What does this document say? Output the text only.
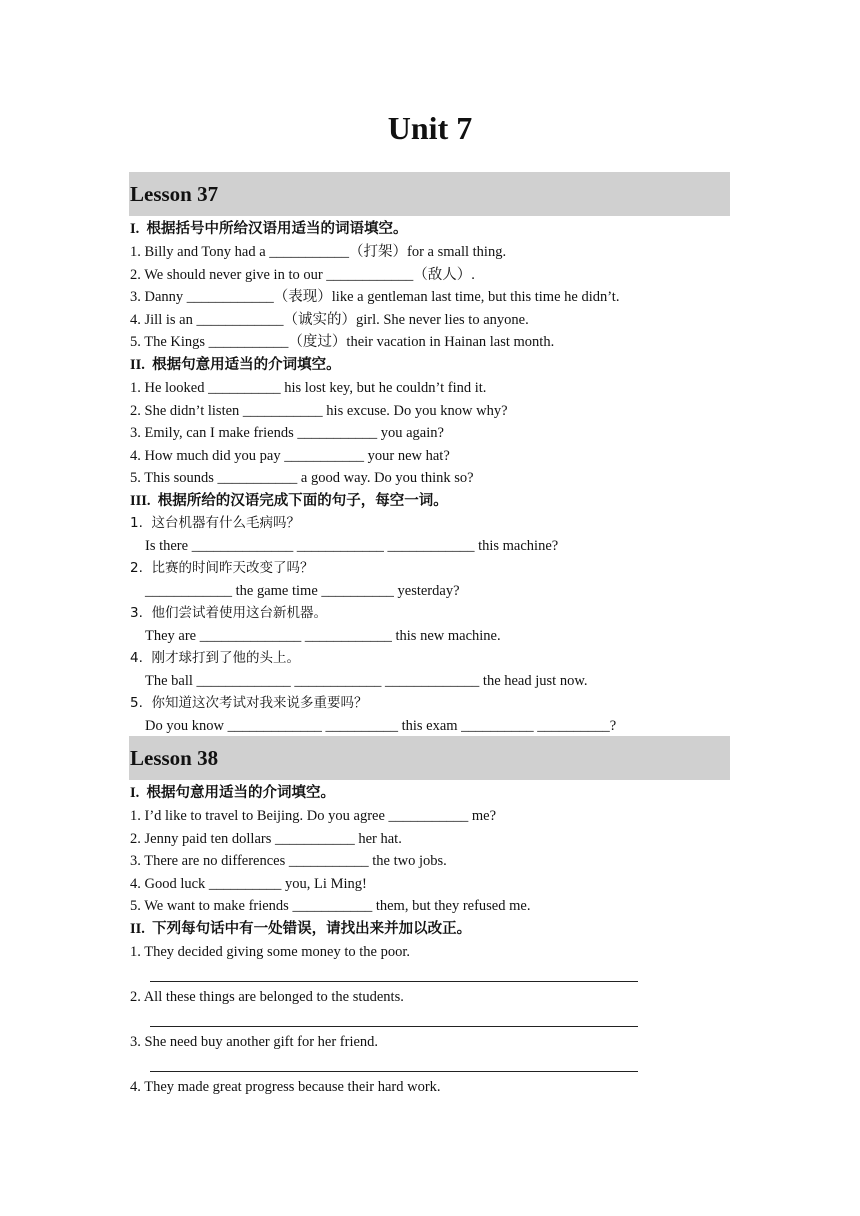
Unit 7
Lesson 37
I.  根据括号中所给汉语用适当的词语填空。
1. Billy and Tony had a ___________（打架）for a small thing.
2. We should never give in to our ____________（敌人）.
3. Danny ____________（表现）like a gentleman last time, but this time he didn’t.
4. Jill is an ____________（诚实的）girl. She never lies to anyone.
5. The Kings ___________（度过）their vacation in Hainan last month.
II.  根据句意用适当的介词填空。
1. He looked __________ his lost key, but he couldn’t find it.
2. She didn’t listen ___________ his excuse. Do you know why?
3. Emily, can I make friends ___________ you again?
4. How much did you pay ___________ your new hat?
5. This sounds ___________ a good way. Do you think so?
III.  根据所给的汉语完成下面的句子，每空一词。
1.  这台机器有什么毛病吗？
Is there ______________ ____________ ____________ this machine?
2.  比赛的时间昨天改变了吗？
____________ the game time __________ yesterday?
3.  他们尝试着使用这台新机器。
They are ______________ ____________ this new machine.
4.  刚才球打到了他的头上。
The ball _____________ ____________ _____________ the head just now.
5.  你知道这次考试对我来说多重要吗？
Do you know _____________ __________ this exam __________ __________?
Lesson 38
I.  根据句意用适当的介词填空。
1. I’d like to travel to Beijing. Do you agree ___________ me?
2. Jenny paid ten dollars ___________ her hat.
3. There are no differences ___________ the two jobs.
4. Good luck __________ you, Li Ming!
5. We want to make friends ___________ them, but they refused me.
II.  下列每句话中有一处错误，请找出来并加以改正。
1. They decided giving some money to the poor.
2. All these things are belonged to the students.
3. She need buy another gift for her friend.
4. They made great progress because their hard work.
